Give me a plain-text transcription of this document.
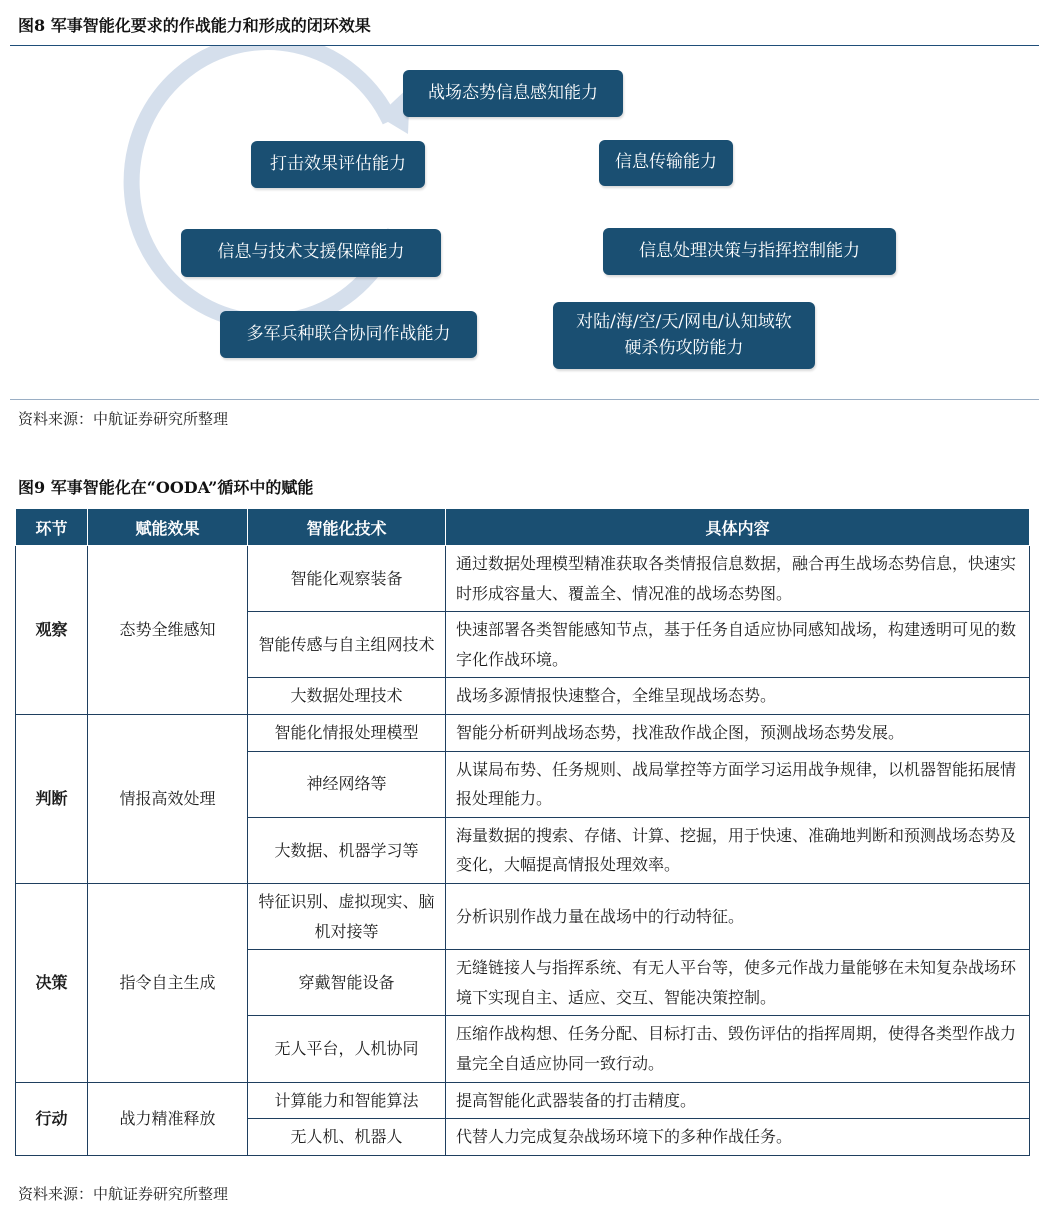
图8 军事智能化要求的作战能力和形成的闭环效果
战场态势信息感知能力
信息传输能力
信息处理决策与指挥控制能力
对陆/海/空/天/网电/认知域软硬杀伤攻防能力
多军兵种联合协同作战能力
信息与技术支援保障能力
打击效果评估能力
资料来源：中航证券研究所整理
图9 军事智能化在“OODA”循环中的赋能
环节	赋能效果	智能化技术	具体内容
观察	态势全维感知	智能化观察装备	通过数据处理模型精准获取各类情报信息数据，融合再生战场态势信息，快速实时形成容量大、覆盖全、情况准的战场态势图。
		智能传感与自主组网技术	快速部署各类智能感知节点，基于任务自适应协同感知战场，构建透明可见的数字化作战环境。
		大数据处理技术	战场多源情报快速整合，全维呈现战场态势。
判断	情报高效处理	智能化情报处理模型	智能分析研判战场态势，找准敌作战企图，预测战场态势发展。
		神经网络等	从谋局布势、任务规则、战局掌控等方面学习运用战争规律，以机器智能拓展情报处理能力。
		大数据、机器学习等	海量数据的搜索、存储、计算、挖掘，用于快速、准确地判断和预测战场态势及变化，大幅提高情报处理效率。
决策	指令自主生成	特征识别、虚拟现实、脑机对接等	分析识别作战力量在战场中的行动特征。
		穿戴智能设备	无缝链接人与指挥系统、有无人平台等，使多元作战力量能够在未知复杂战场环境下实现自主、适应、交互、智能决策控制。
		无人平台，人机协同	压缩作战构想、任务分配、目标打击、毁伤评估的指挥周期，使得各类型作战力量完全自适应协同一致行动。
行动	战力精准释放	计算能力和智能算法	提高智能化武器装备的打击精度。
		无人机、机器人	代替人力完成复杂战场环境下的多种作战任务。
资料来源：中航证券研究所整理
